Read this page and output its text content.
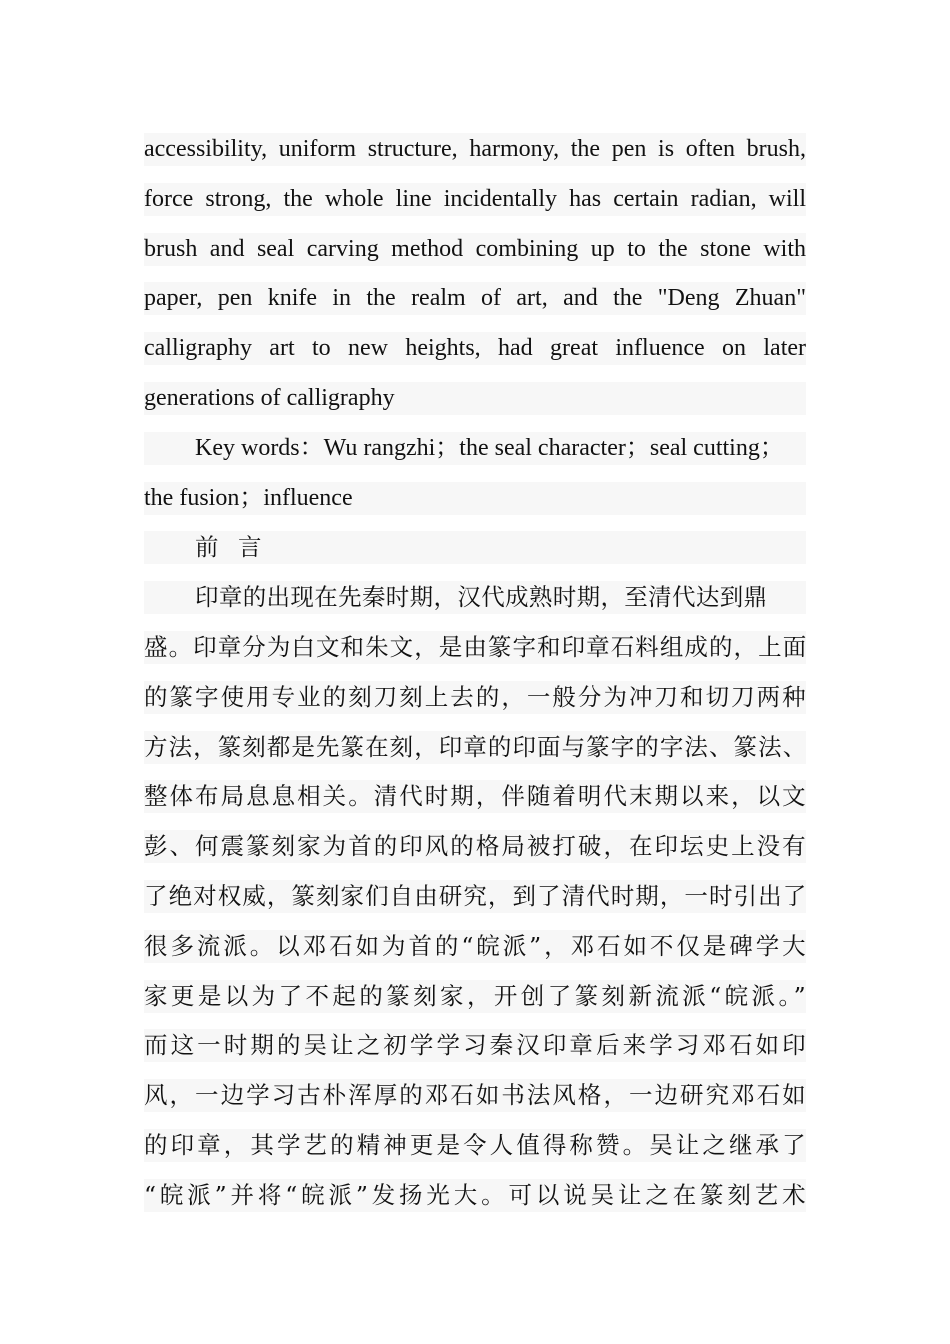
accessibility, uniform structure, harmony, the pen is often brush,
force strong, the whole line incidentally has certain radian, will
brush and seal carving method combining up to the stone with
paper, pen knife in the realm of art, and the "Deng Zhuan"
calligraphy art to new heights, had great influence on later
generations of calligraphy
Key words：Wu rangzhi；the seal character；seal cutting；
the fusion；influence
前 言
印章的出现在先秦时期，汉代成熟时期，至清代达到鼎
盛。印章分为白文和朱文，是由篆字和印章石料组成的，上面
的篆字使用专业的刻刀刻上去的，一般分为冲刀和切刀两种
方法，篆刻都是先篆在刻，印章的印面与篆字的字法、篆法、
整体布局息息相关。清代时期，伴随着明代末期以来，以文
彭、何震篆刻家为首的印风的格局被打破，在印坛史上没有
了绝对权威，篆刻家们自由研究，到了清代时期，一时引出了
很多流派。以邓石如为首的“皖派”，邓石如不仅是碑学大
家更是以为了不起的篆刻家，开创了篆刻新流派“皖派。”
而这一时期的吴让之初学学习秦汉印章后来学习邓石如印
风，一边学习古朴浑厚的邓石如书法风格，一边研究邓石如
的印章，其学艺的精神更是令人值得称赞。吴让之继承了
“皖派”并将“皖派”发扬光大。可以说吴让之在篆刻艺术
